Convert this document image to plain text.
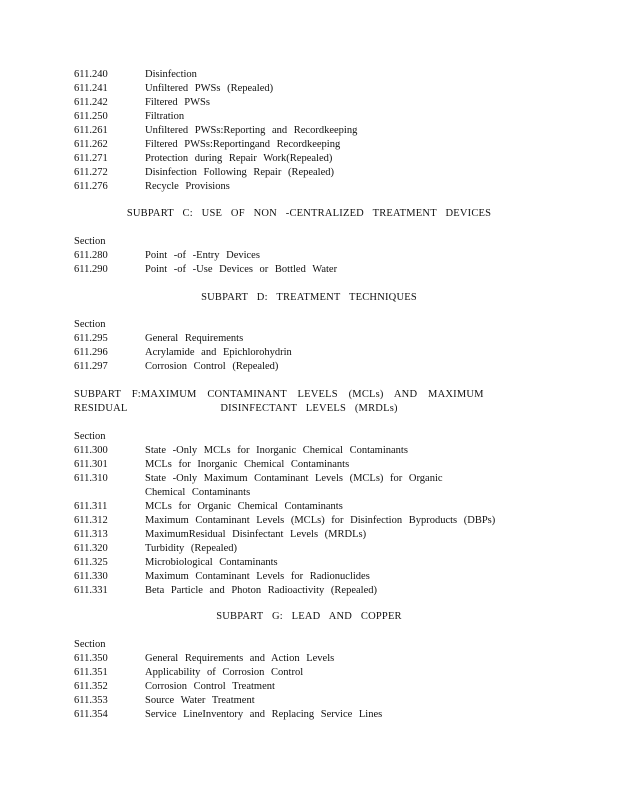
611.240	Disinfection
611.241	Unfiltered PWSs (Repealed)
611.242	Filtered PWSs
611.250	Filtration
611.261	Unfiltered PWSs:Reporting and Recordkeeping
611.262	Filtered PWSs:Reportingand Recordkeeping
611.271	Protection during Repair Work(Repealed)
611.272	Disinfection Following Repair (Repealed)
611.276	Recycle Provisions
SUBPART C: USE OF NON -CENTRALIZED TREATMENT DEVICES
Section
611.280	Point -of -Entry Devices
611.290	Point -of -Use Devices or Bottled Water
SUBPART D: TREATMENT TECHNIQUES
Section
611.295	General Requirements
611.296	Acrylamide and Epichlorohydrin
611.297	Corrosion Control (Repealed)
SUBPART F:MAXIMUM CONTAMINANT LEVELS (MCLs) AND MAXIMUM RESIDUAL	DISINFECTANT LEVELS (MRDLs)
Section
611.300	State -Only MCLs for Inorganic Chemical Contaminants
611.301	MCLs for Inorganic Chemical Contaminants
611.310	State -Only Maximum Contaminant Levels (MCLs) for Organic Chemical Contaminants
611.311	MCLs for Organic Chemical Contaminants
611.312	Maximum Contaminant Levels (MCLs) for Disinfection Byproducts (DBPs)
611.313	MaximumResidual Disinfectant Levels (MRDLs)
611.320	Turbidity (Repealed)
611.325	Microbiological Contaminants
611.330	Maximum Contaminant Levels for Radionuclides
611.331	Beta Particle and Photon Radioactivity (Repealed)
SUBPART G: LEAD AND COPPER
Section
611.350	General Requirements and Action Levels
611.351	Applicability of Corrosion Control
611.352	Corrosion Control Treatment
611.353	Source Water Treatment
611.354	Service LineInventory and Replacing Service Lines
